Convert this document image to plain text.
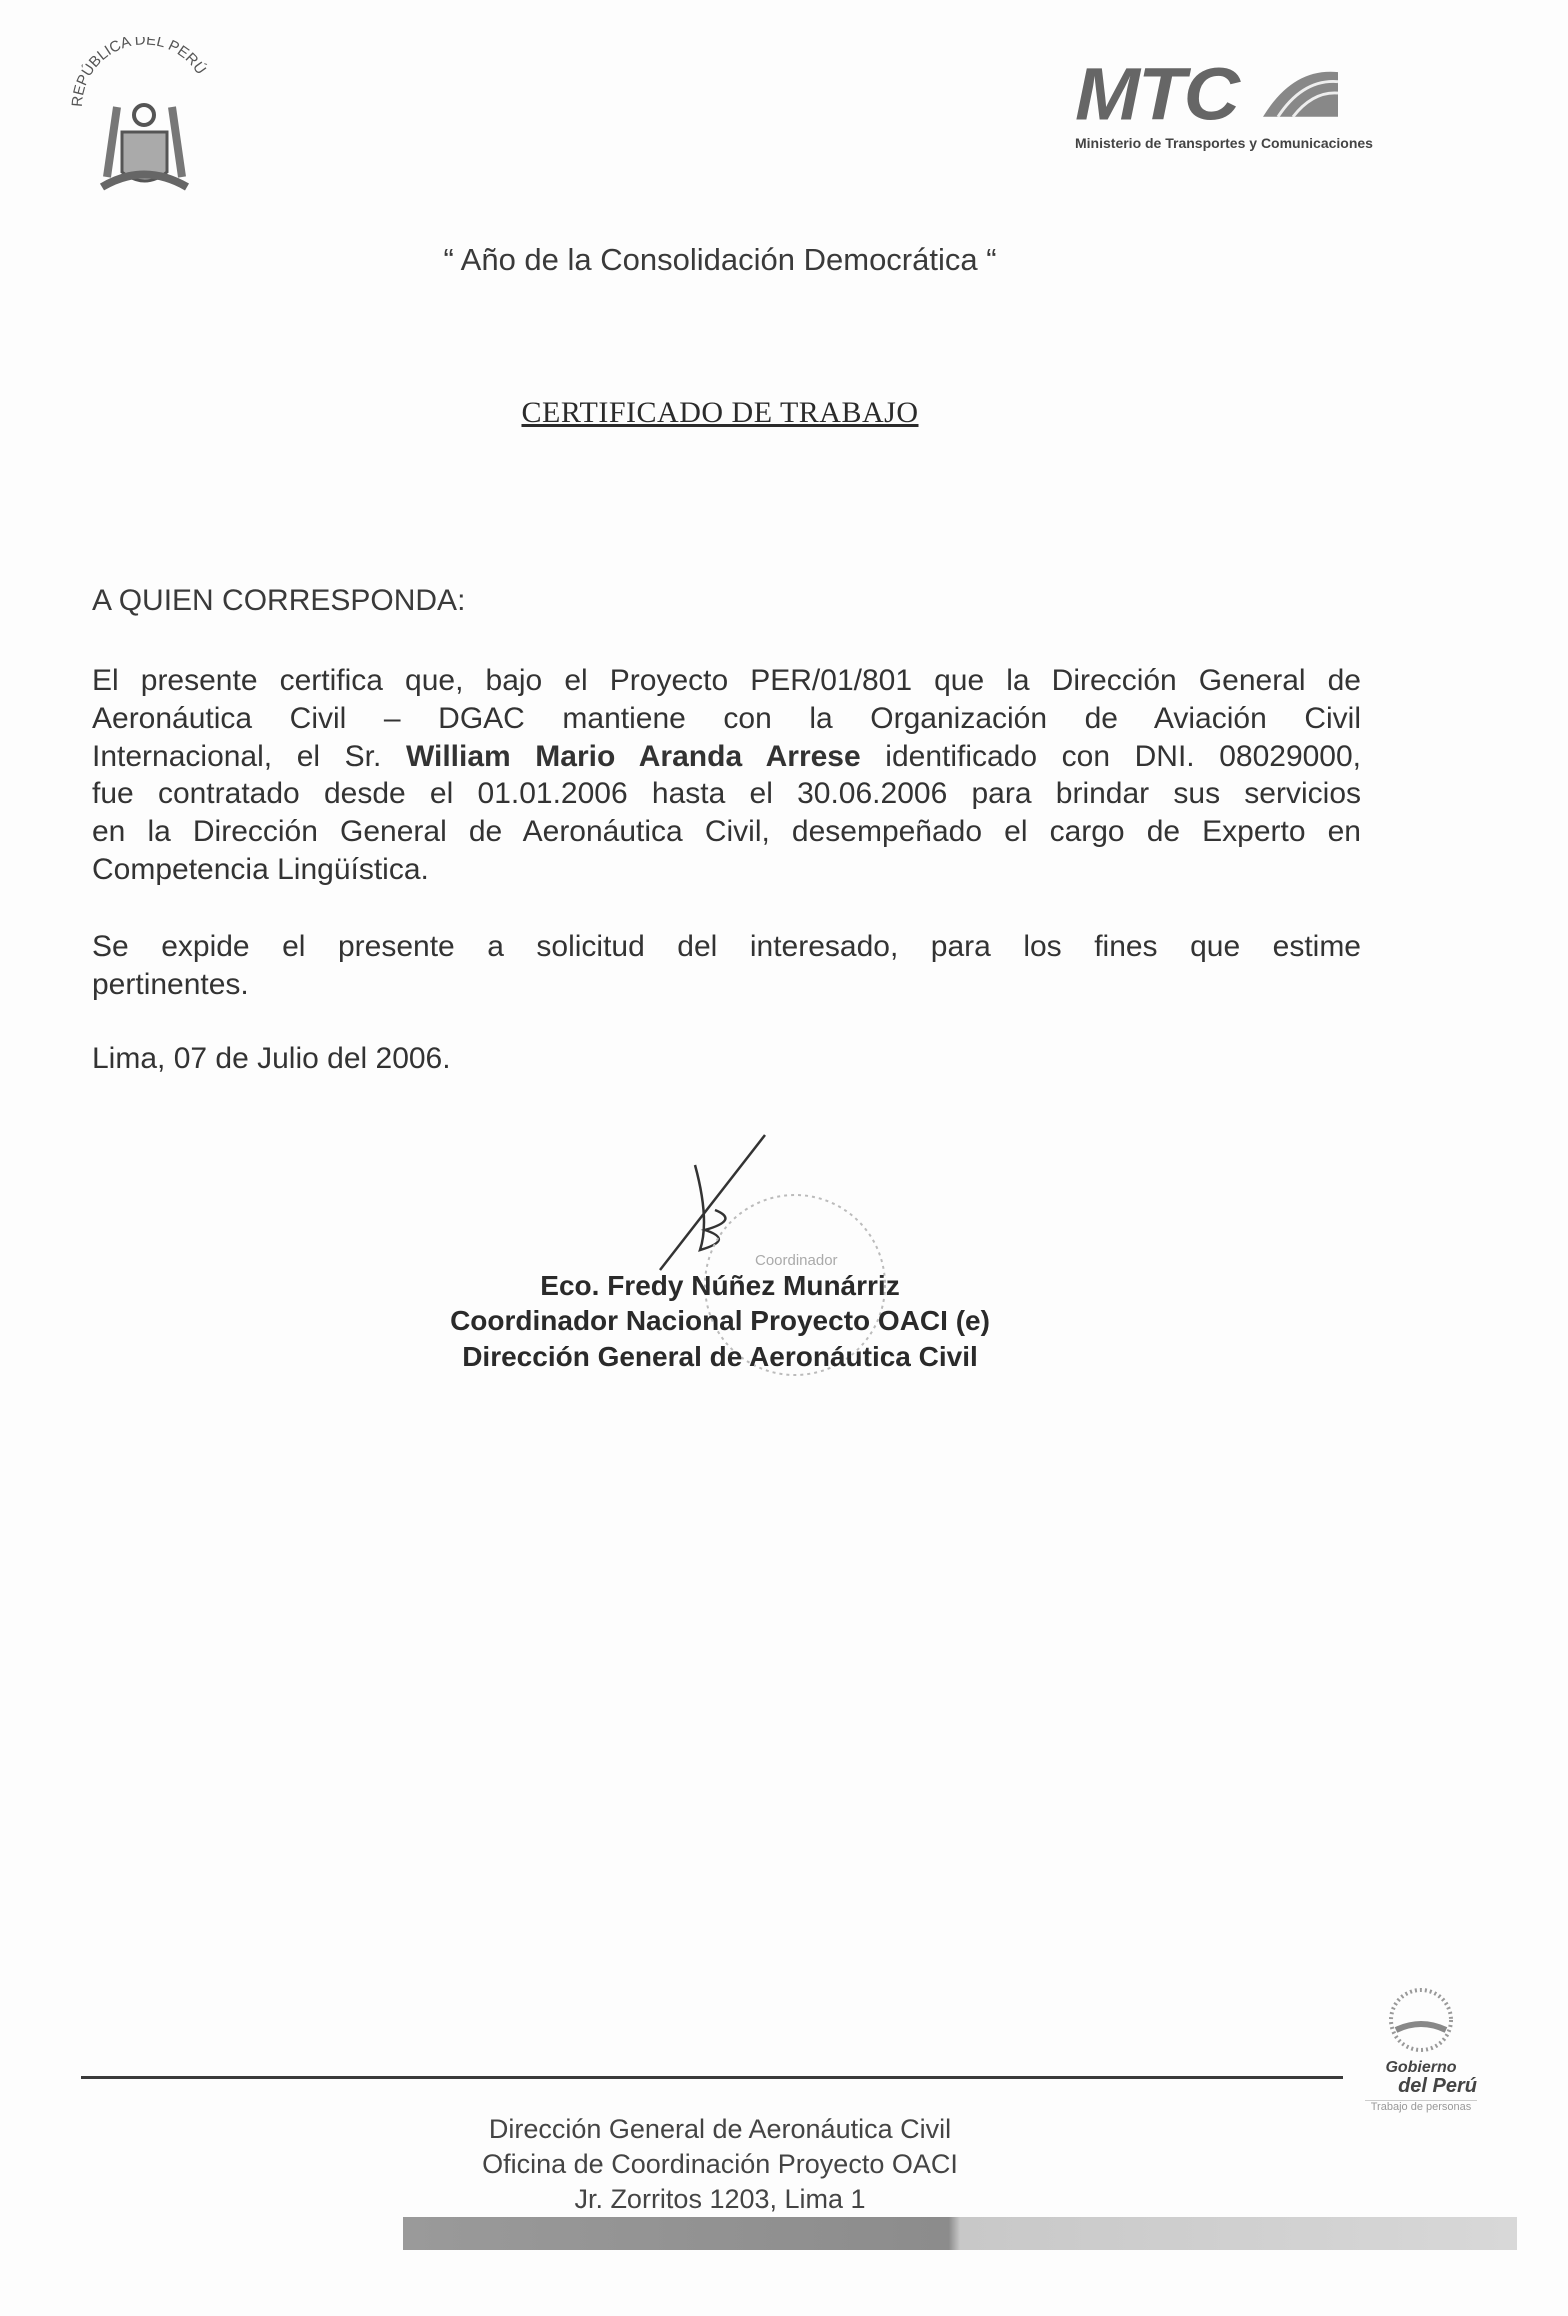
REPÚBLICA DEL PERÚ	MTC
Ministerio de Transportes y Comunicaciones
“ Año de la Consolidación Democrática “
CERTIFICADO DE TRABAJO
A QUIEN CORRESPONDA:
El presente certifica que, bajo el Proyecto PER/01/801 que la Dirección General de
Aeronáutica Civil – DGAC mantiene con la Organización de Aviación Civil
Internacional, el Sr. William Mario Aranda Arrese identificado con DNI. 08029000,
fue contratado desde el 01.01.2006 hasta el 30.06.2006 para brindar sus servicios
en la Dirección General de Aeronáutica Civil, desempeñado el cargo de Experto en
Competencia Lingüística.
Se expide el presente a solicitud del interesado, para los fines que estime
pertinentes.
Lima, 07 de Julio del 2006.
Coordinador
Eco. Fredy Núñez Munárriz
Coordinador Nacional Proyecto OACI (e)
Dirección General de Aeronáutica Civil
Gobierno
del Perú
Trabajo de personas
Dirección General de Aeronáutica Civil
Oficina de Coordinación Proyecto OACI
Jr. Zorritos 1203, Lima 1
